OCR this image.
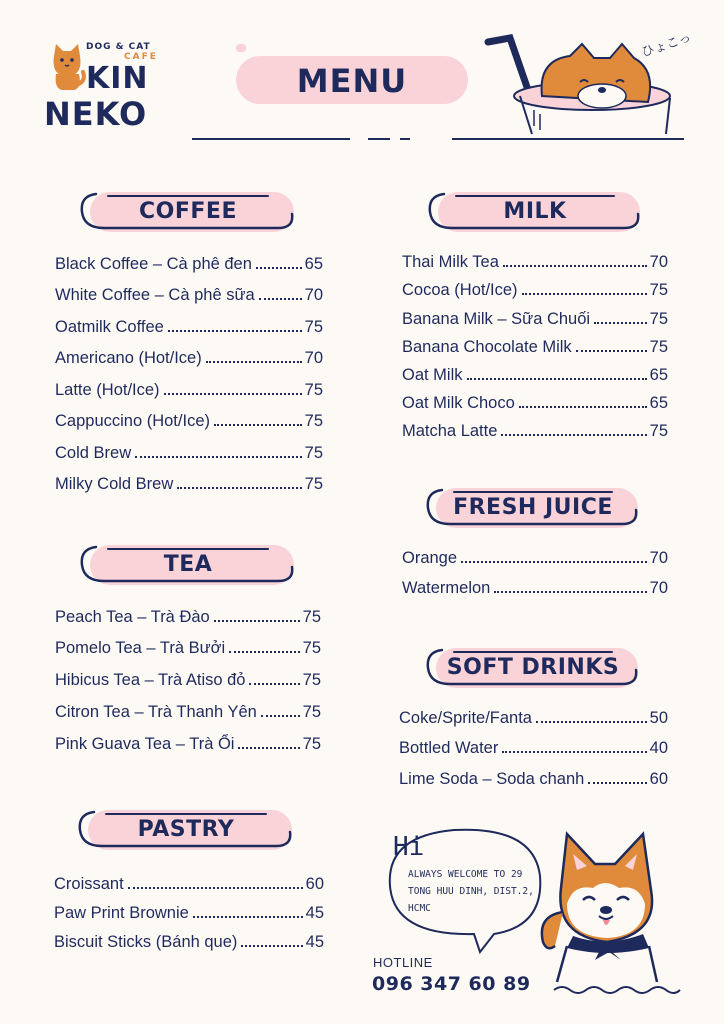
DOG & CAT
CAFE
KIN
NEKO
MENU
ひょこっ
COFFEE
Black Coffee – Cà phê đen	65
White Coffee – Cà phê sữa	70
Oatmilk Coffee	75
Americano (Hot/Ice)	70
Latte (Hot/Ice)	75
Cappuccino (Hot/Ice)	75
Cold Brew	75
Milky Cold Brew	75
TEA
Peach Tea – Trà Đào	75
Pomelo Tea – Trà Bưởi	75
Hibicus Tea – Trà Atiso đỏ	75
Citron Tea – Trà Thanh Yên	75
Pink Guava Tea – Trà Ổi	75
PASTRY
Croissant	60
Paw Print Brownie	45
Biscuit Sticks (Bánh que)	45
MILK
Thai Milk Tea	70
Cocoa (Hot/Ice)	75
Banana Milk – Sữa Chuối	75
Banana Chocolate Milk	75
Oat Milk	65
Oat Milk Choco	65
Matcha Latte	75
FRESH JUICE
Orange	70
Watermelon	70
SOFT DRINKS
Coke/Sprite/Fanta	50
Bottled Water	40
Lime Soda – Soda chanh	60
Hi
ALWAYS WELCOME TO 29 TONG HUU DINH, DIST.2, HCMC
HOTLINE
096 347 60 89
